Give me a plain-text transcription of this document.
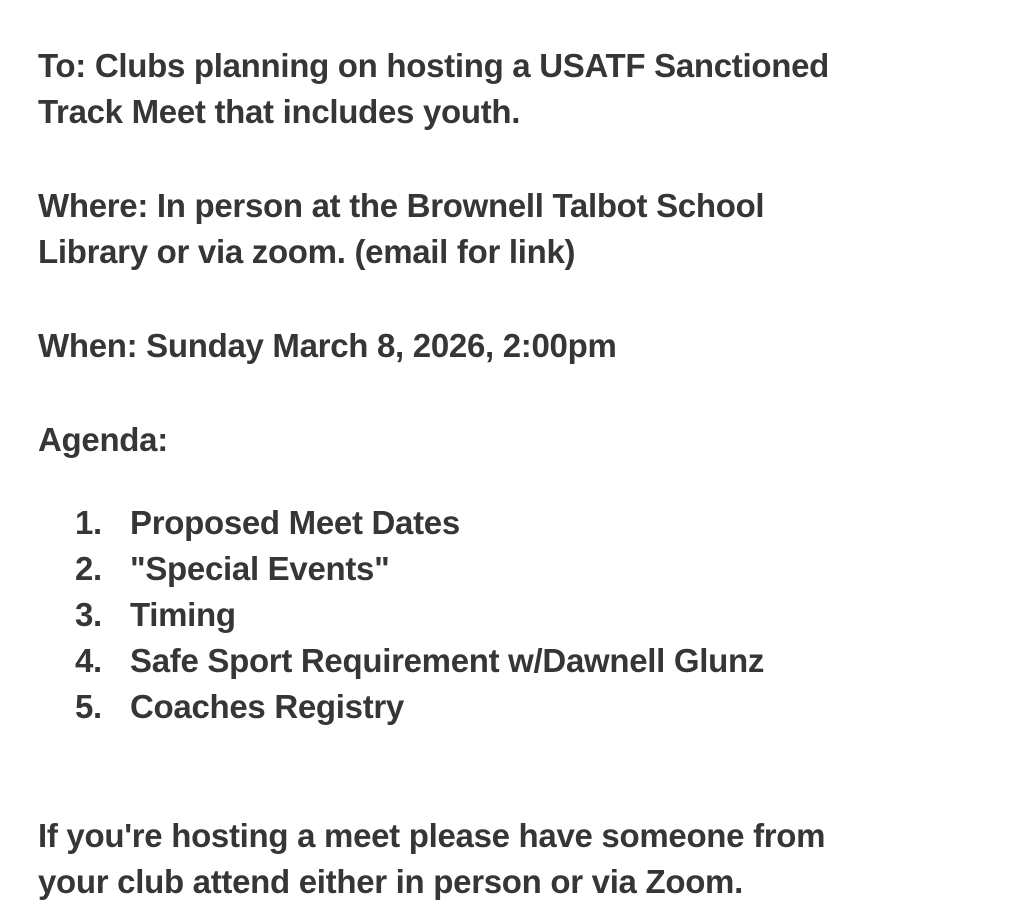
To: Clubs planning on hosting a USATF Sanctioned
Track Meet that includes youth.
Where: In person at the Brownell Talbot School
Library or via zoom. (email for link)
When: Sunday March 8, 2026, 2:00pm
Agenda:
1. Proposed Meet Dates
2. "Special Events"
3. Timing
4. Safe Sport Requirement w/Dawnell Glunz
5. Coaches Registry
If you're hosting a meet please have someone from
your club attend either in person or via Zoom.
